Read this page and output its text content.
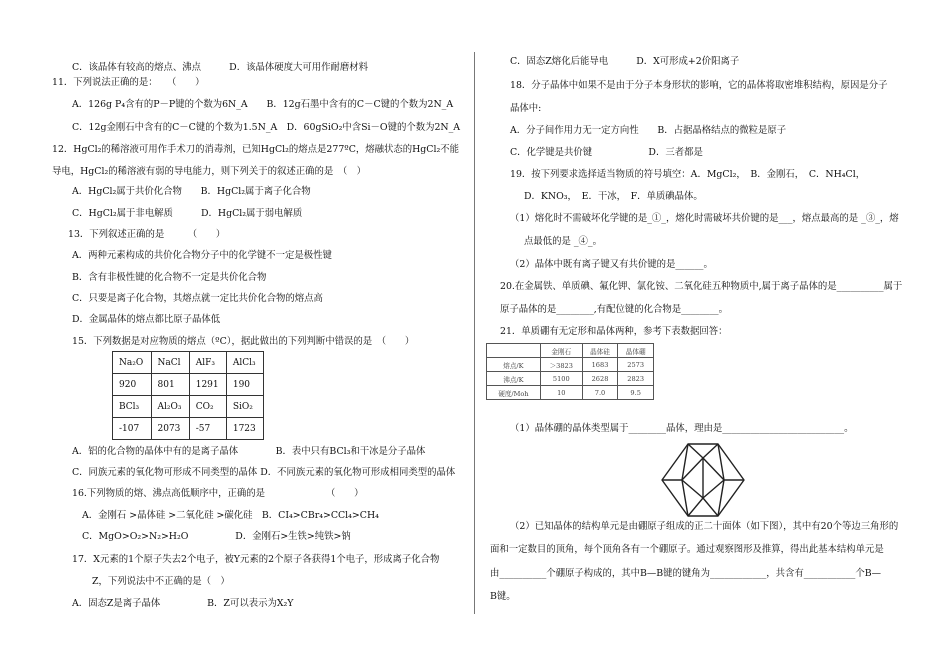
C．该晶体有较高的熔点、沸点　　　D．该晶体硬度大可用作耐磨材料
11．下列说法正确的是：　　（　　）
A．126g P₄含有的P－P键的个数为6N_A　　B．12g石墨中含有的C－C键的个数为2N_A
C．12g金刚石中含有的C－C键的个数为1.5N_A　D．60gSiO₂中含Si－O键的个数为2N_A
12．HgCl₂的稀溶液可用作手术刀的消毒剂，已知HgCl₂的熔点是277ºC，熔融状态的HgCl₂不能
导电，HgCl₂的稀溶液有弱的导电能力，则下列关于的叙述正确的是　（　）
A．HgCl₂属于共价化合物　　B．HgCl₂属于离子化合物
C．HgCl₂属于非电解质　　　D．HgCl₂属于弱电解质
13．下列叙述正确的是　　　（　　）
A．两种元素构成的共价化合物分子中的化学键不一定是极性键
B．含有非极性键的化合物不一定是共价化合物
C．只要是离子化合物，其熔点就一定比共价化合物的熔点高
D．金属晶体的熔点都比原子晶体低
15．下列数据是对应物质的熔点（ºC），据此做出的下列判断中错误的是　（　　）
Na₂O	NaCl	AlF₃	AlCl₃
920	801	1291	190
BCl₃	Al₂O₃	CO₂	SiO₂
-107	2073	-57	1723
A．铝的化合物的晶体中有的是离子晶体　　　　B．表中只有BCl₃和干冰是分子晶体
C．同族元素的氧化物可形成不同类型的晶体 D．不同族元素的氧化物可形成相同类型的晶体
16.下列物质的熔、沸点高低顺序中，正确的是　　　　　　　（　　）
A．金刚石 >晶体硅 >二氧化硅 >碳化硅　B．CI₄>CBr₄>CCl₄>CH₄
C．MgO>O₂>N₂>H₂O　　　　　D．金刚石>生铁>纯铁>钠
17．X元素的1个原子失去2个电子，被Y元素的2个原子各获得1个电子，形成离子化合物
Z，下列说法中不正确的是（　）
A．固态Z是离子晶体　　　　　B．Z可以表示为X₂Y
C．固态Z熔化后能导电　　　D．X可形成+2价阳离子
18．分子晶体中如果不是由于分子本身形状的影响，它的晶体将取密堆积结构，原因是分子
晶体中:
A．分子间作用力无一定方向性　　B．占据晶格结点的微粒是原子
C．化学键是共价键　　　　　　D．三者都是
19．按下列要求选择适当物质的符号填空：A．MgCl₂，　B．金刚石，　C．NH₄Cl，
D．KNO₃，　E．干冰，　F．单质碘晶体。
（1）熔化时不需破坏化学键的是_①_，熔化时需破坏共价键的是___，熔点最高的是 _③_，熔
点最低的是 _④_。
（2）晶体中既有离子键又有共价键的是______。
20.在金属铁、单质碘、氟化钾、氯化铵、二氧化硅五种物质中,属于离子晶体的是__________属于
原子晶体的是________,有配位键的化合物是________。
21．单质硼有无定形和晶体两种，参考下表数据回答：
	金刚石	晶体硅	晶体硼
熔点/K	＞3823	1683	2573
沸点/K	5100	2628	2823
硬度/Moh	10	7.0	9.5
（1）晶体硼的晶体类型属于________晶体，理由是__________________________。
（2）已知晶体的结构单元是由硼原子组成的正二十面体（如下图），其中有20个等边三角形的
面和一定数目的顶角，每个顶角各有一个硼原子。通过观察图形及推算，得出此基本结构单元是
由__________个硼原子构成的，其中B—B键的键角为____________，共含有___________个B—
B键。
